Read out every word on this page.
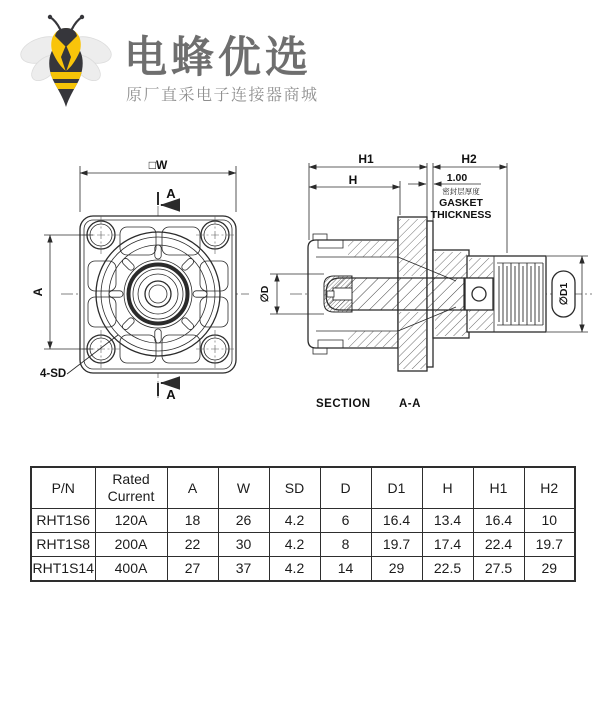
电蜂优选
原厂直采电子连接器商城
□W
A
A
A
4-SD
H1	H2
H	1.00
密封层厚度
GASKET
THICKNESS
∅D	∅D1
SECTION A-A
P/N	Rated Current	A	W	SD	D	D1	H	H1	H2
RHT1S6	120A	18	26	4.2	6	16.4	13.4	16.4	10
RHT1S8	200A	22	30	4.2	8	19.7	17.4	22.4	19.7
RHT1S14	400A	27	37	4.2	14	29	22.5	27.5	29
